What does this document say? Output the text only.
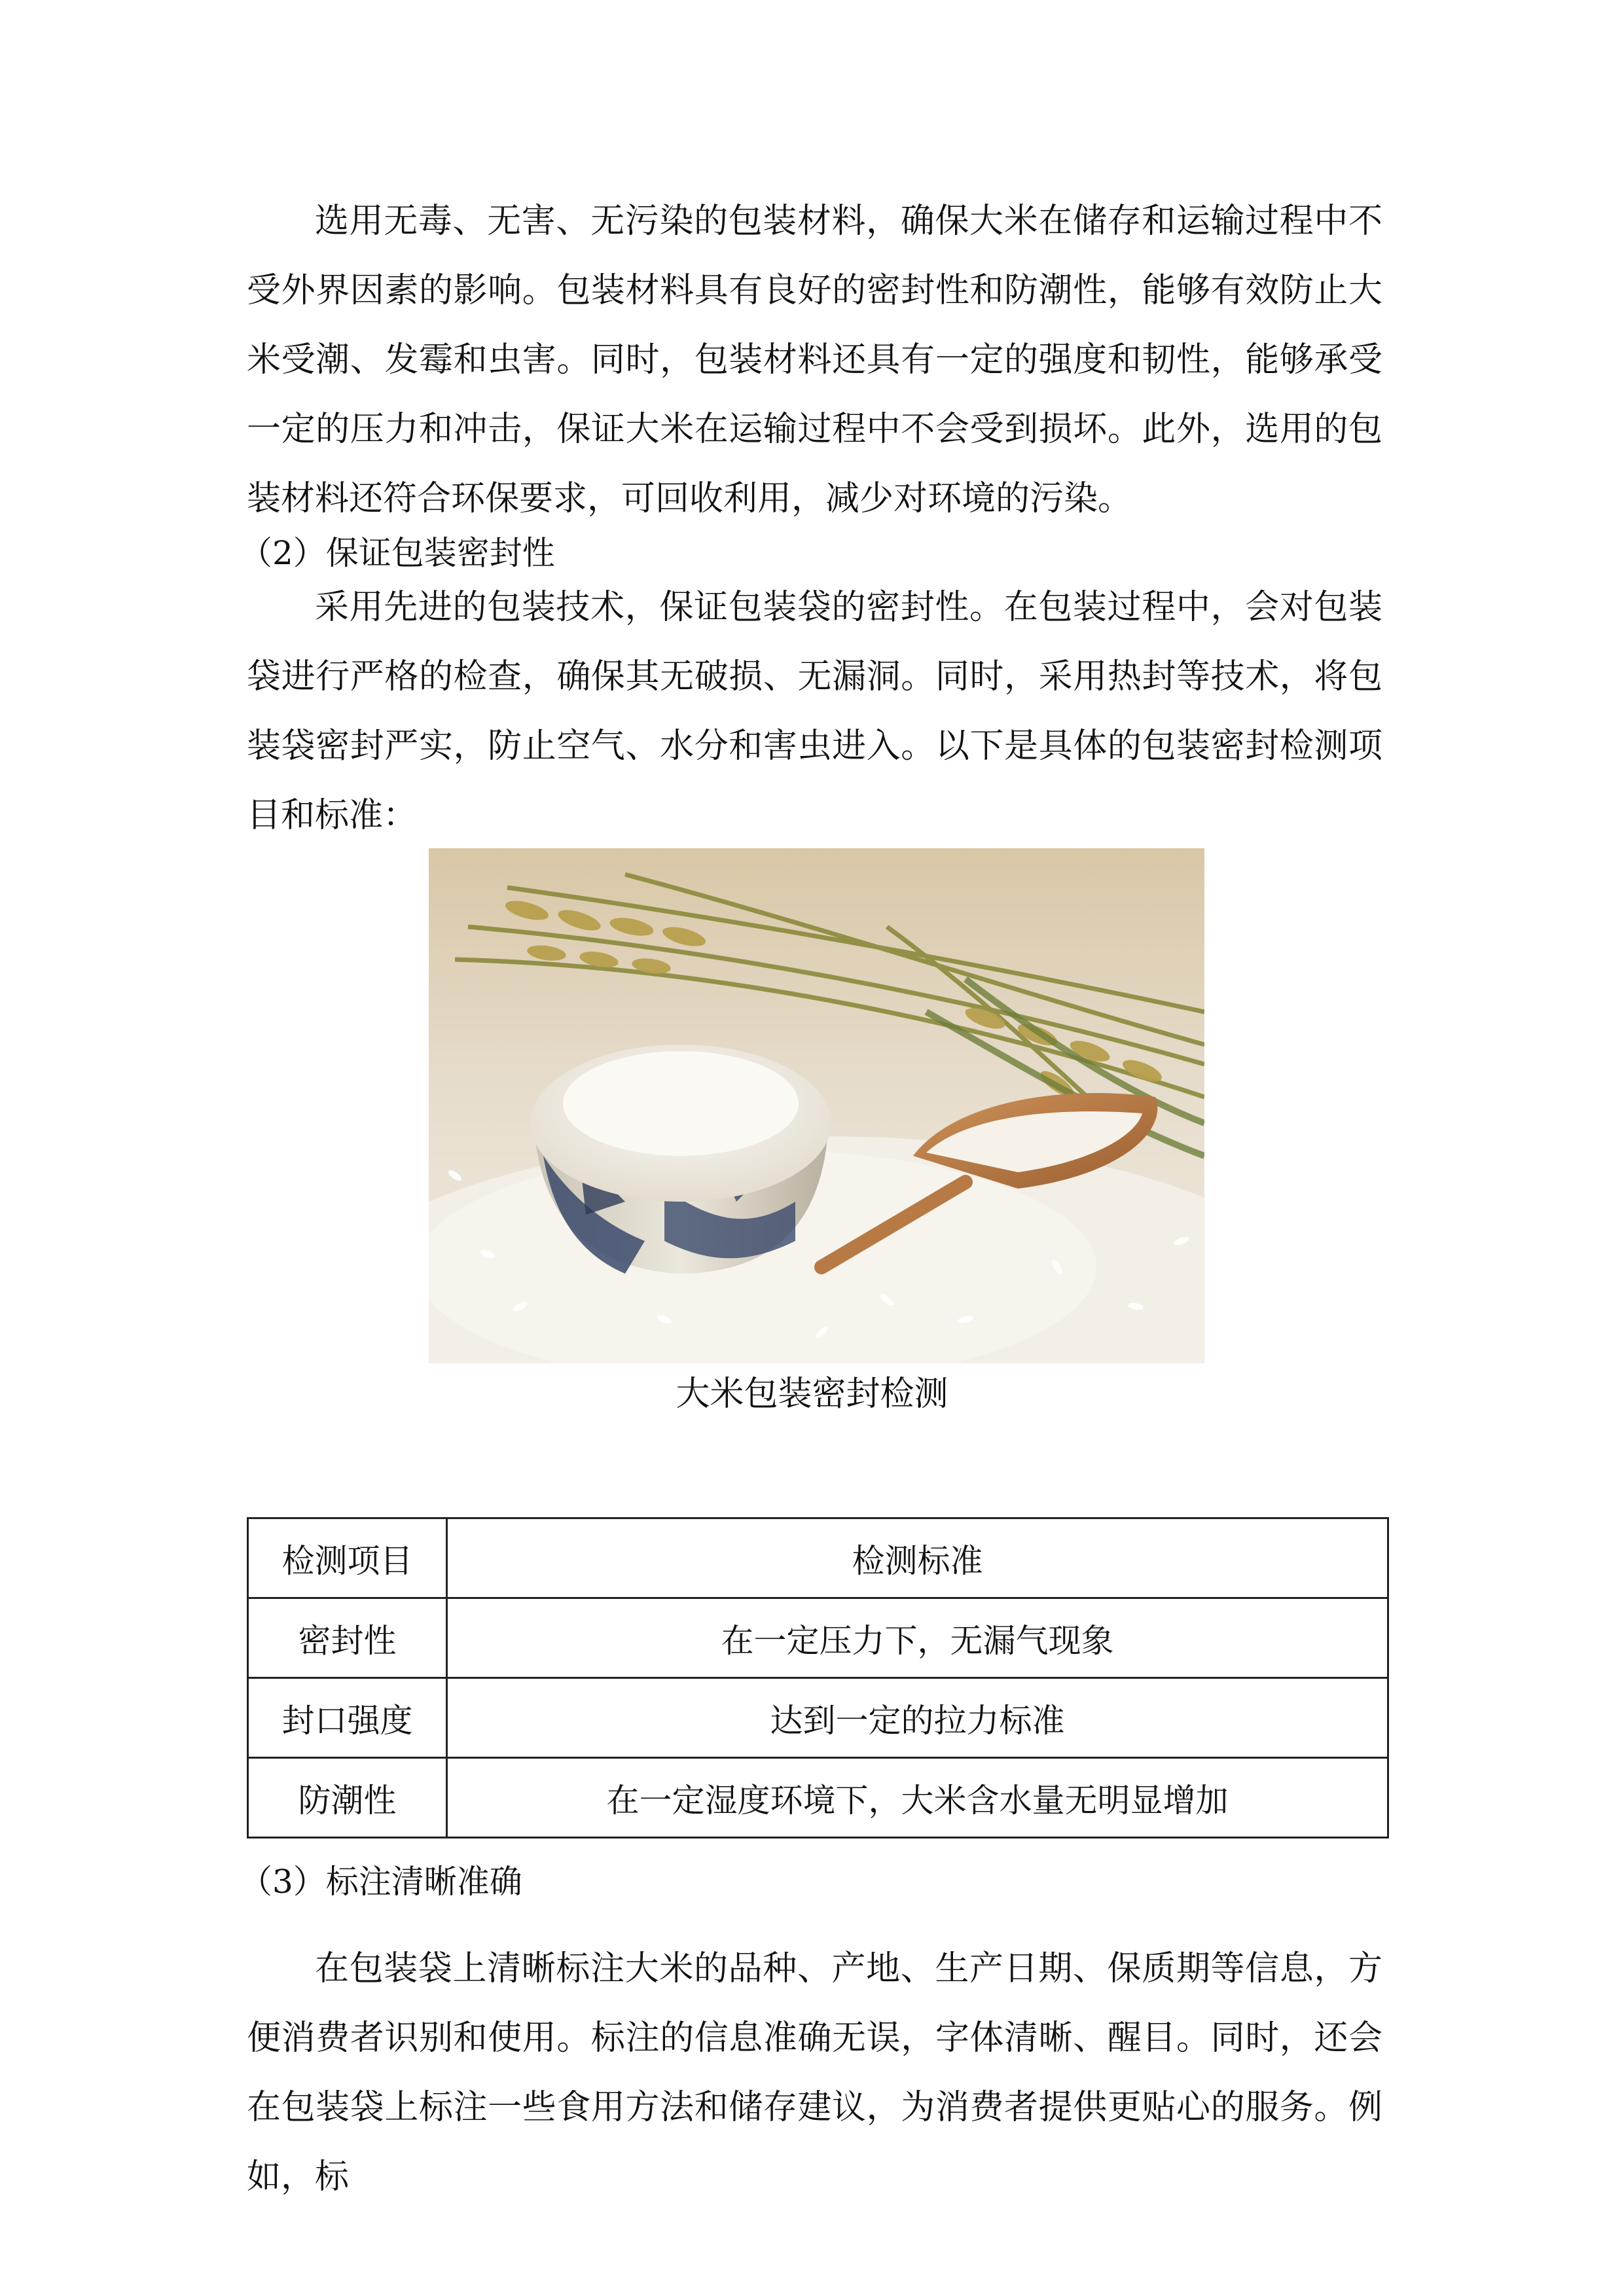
选用无毒、无害、无污染的包装材料，确保大米在储存和运输过程中不受外界因素的影响。包装材料具有良好的密封性和防潮性，能够有效防止大米受潮、发霉和虫害。同时，包装材料还具有一定的强度和韧性，能够承受一定的压力和冲击，保证大米在运输过程中不会受到损坏。此外，选用的包装材料还符合环保要求，可回收利用，减少对环境的污染。

（2）保证包装密封性

采用先进的包装技术，保证包装袋的密封性。在包装过程中，会对包装袋进行严格的检查，确保其无破损、无漏洞。同时，采用热封等技术，将包装袋密封严实，防止空气、水分和害虫进入。以下是具体的包装密封检测项目和标准：

大米包装密封检测
检测项目	检测标准
密封性	在一定压力下，无漏气现象
封口强度	达到一定的拉力标准
防潮性	在一定湿度环境下，大米含水量无明显增加

（3）标注清晰准确

在包装袋上清晰标注大米的品种、产地、生产日期、保质期等信息，方便消费者识别和使用。标注的信息准确无误，字体清晰、醒目。同时，还会在包装袋上标注一些食用方法和储存建议，为消费者提供更贴心的服务。例如，标
